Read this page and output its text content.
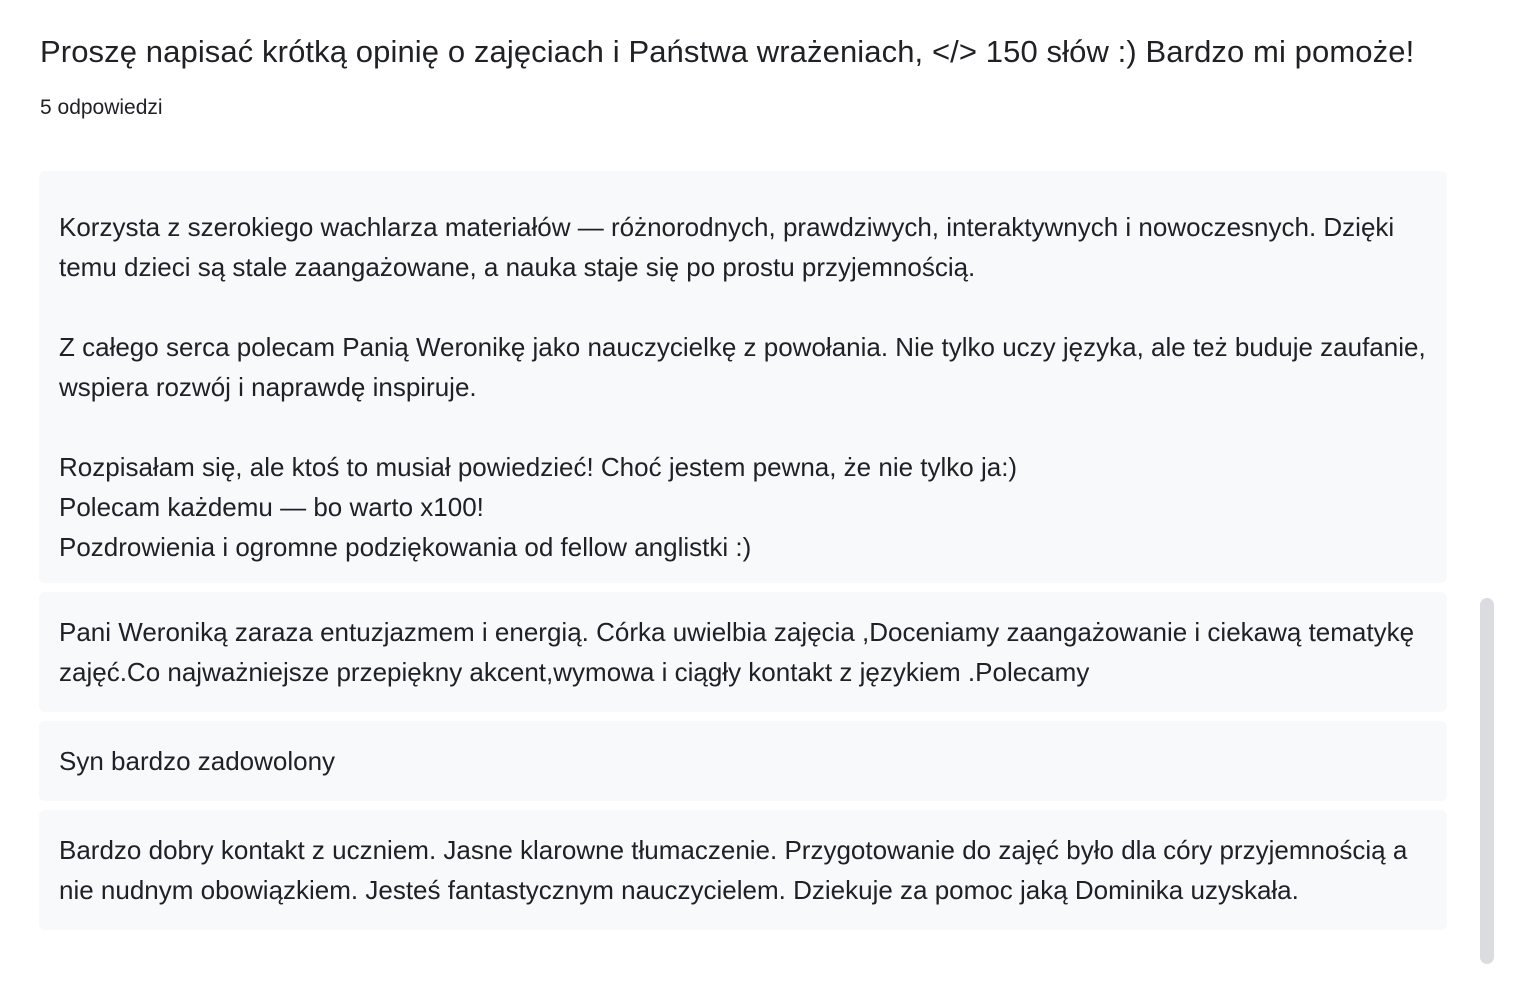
Proszę napisać krótką opinię o zajęciach i Państwa wrażeniach, </> 150 słów :) Bardzo mi pomoże!
5 odpowiedzi

Korzysta z szerokiego wachlarza materiałów — różnorodnych, prawdziwych, interaktywnych i nowoczesnych. Dzięki temu dzieci są stale zaangażowane, a nauka staje się po prostu przyjemnością.

Z całego serca polecam Panią Weronikę jako nauczycielkę z powołania. Nie tylko uczy języka, ale też buduje zaufanie, wspiera rozwój i naprawdę inspiruje.

Rozpisałam się, ale ktoś to musiał powiedzieć! Choć jestem pewna, że nie tylko ja:)
Polecam każdemu — bo warto x100!
Pozdrowienia i ogromne podziękowania od fellow anglistki :)

Pani Weroniką zaraza entuzjazmem i energią. Córka uwielbia zajęcia ,Doceniamy zaangażowanie i ciekawą tematykę zajęć.Co najważniejsze przepiękny akcent,wymowa i ciągły kontakt z językiem .Polecamy

Syn bardzo zadowolony

Bardzo dobry kontakt z uczniem. Jasne klarowne tłumaczenie. Przygotowanie do zajęć było dla córy przyjemnością a nie nudnym obowiązkiem. Jesteś fantastycznym nauczycielem. Dziekuje za pomoc jaką Dominika uzyskała.
